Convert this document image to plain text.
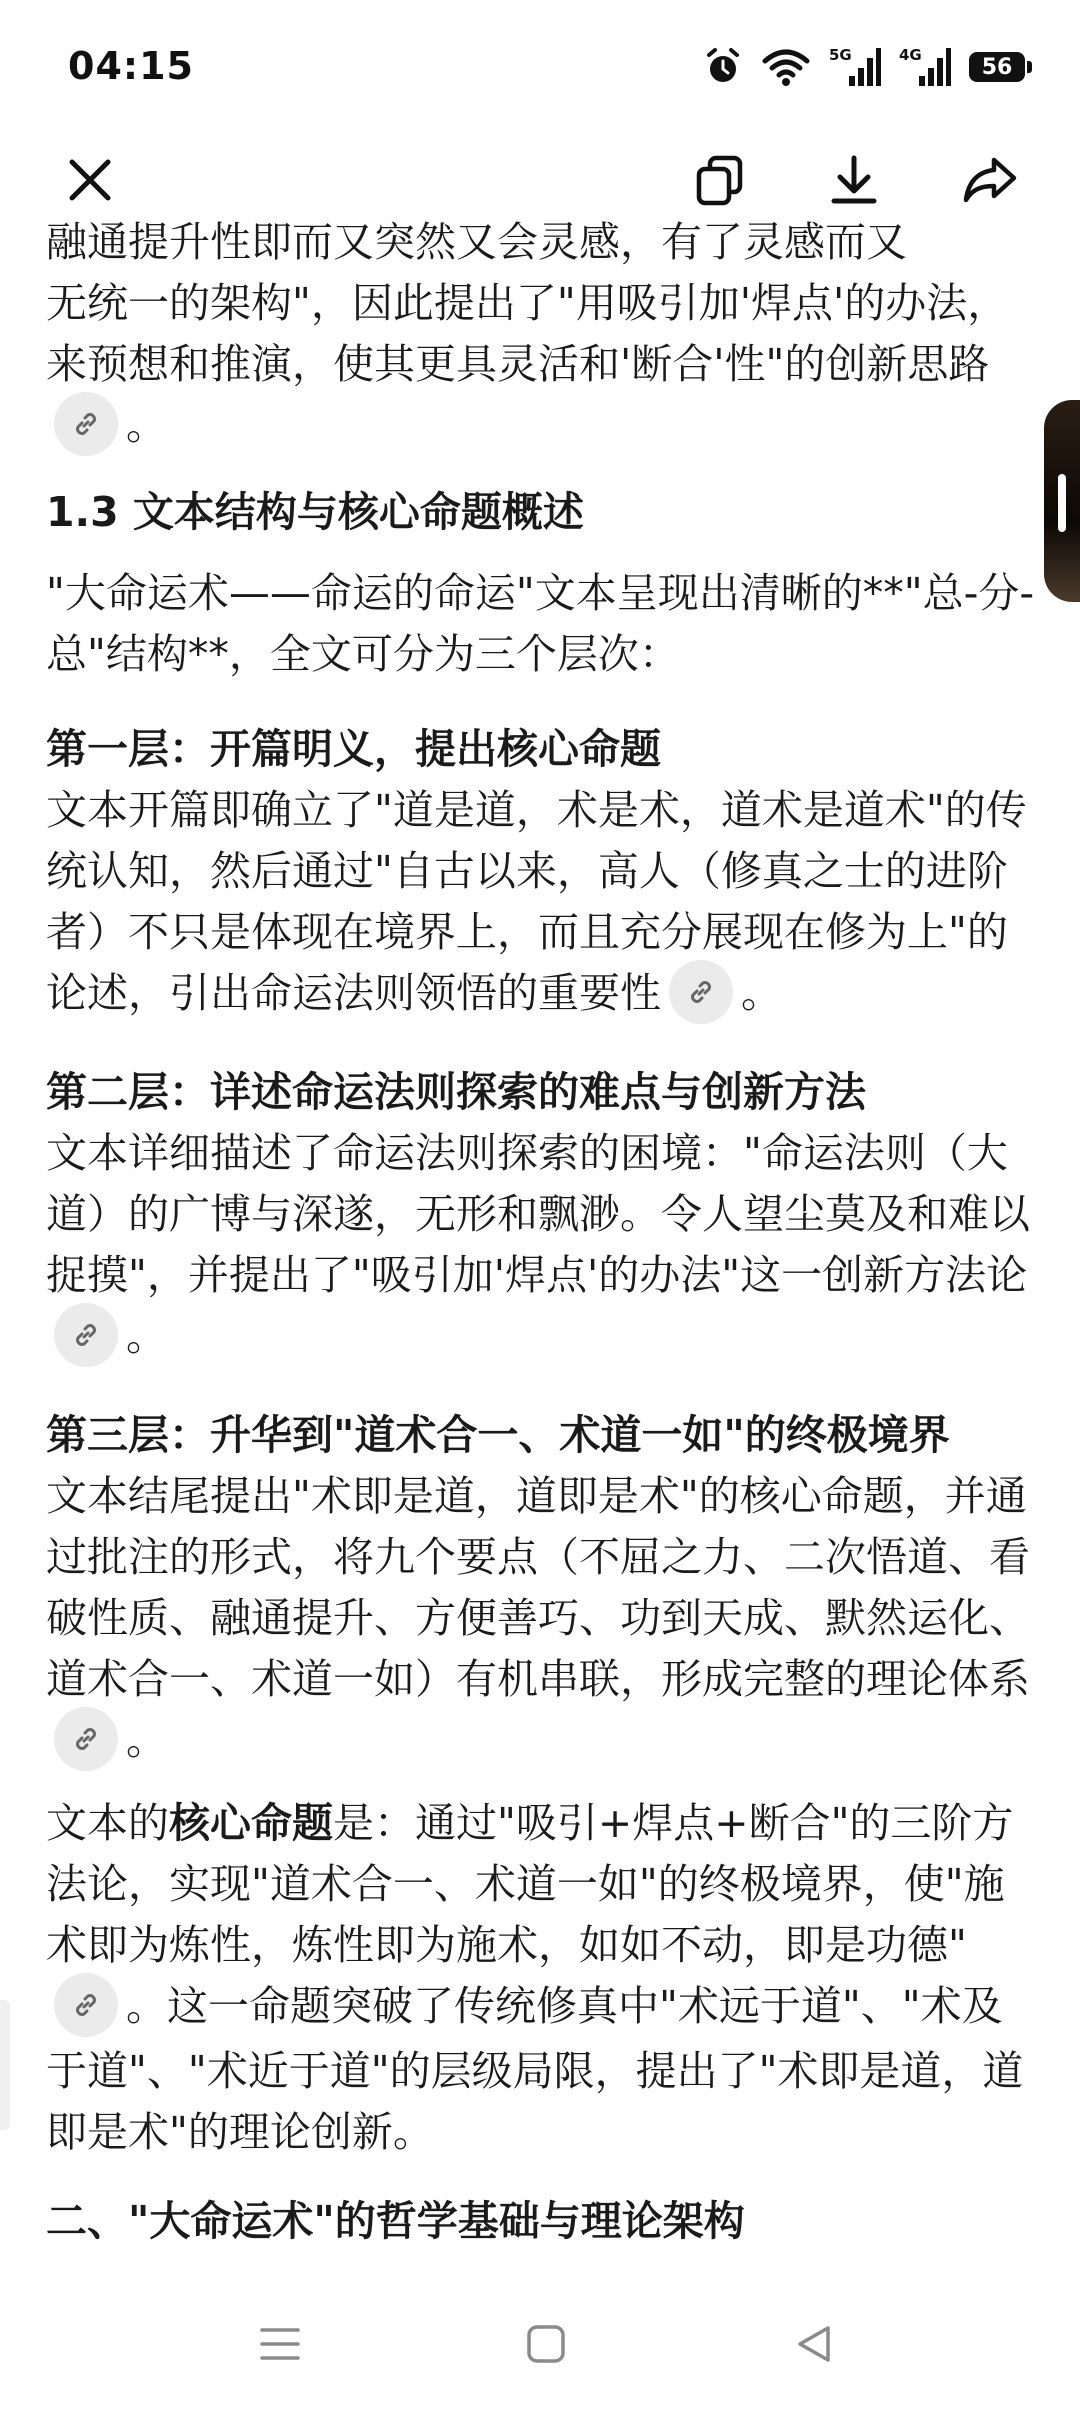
04:15	5G	4G	56

融通提升性即而又突然又会灵感，有了灵感而又

无统一的架构"，因此提出了"用吸引加'焊点'的办法，来预想和推演，使其更具灵活和'断合'性"的创新思路
。

1.3 文本结构与核心命题概述

"大命运术——命运的命运"文本呈现出清晰的**"总-分-总"结构**，全文可分为三个层次：

第一层：开篇明义，提出核心命题

文本开篇即确立了"道是道，术是术，道术是道术"的传统认知，然后通过"自古以来，高人（修真之士的进阶者）不只是体现在境界上，而且充分展现在修为上"的论述，引出命运法则领悟的重要性 。

第二层：详述命运法则探索的难点与创新方法

文本详细描述了命运法则探索的困境："命运法则（大道）的广博与深遂，无形和飘渺。令人望尘莫及和难以捉摸"，并提出了"吸引加'焊点'的办法"这一创新方法论
。

第三层：升华到"道术合一、术道一如"的终极境界

文本结尾提出"术即是道，道即是术"的核心命题，并通过批注的形式，将九个要点（不屈之力、二次悟道、看破性质、融通提升、方便善巧、功到天成、默然运化、道术合一、术道一如）有机串联，形成完整的理论体系
。

文本的核心命题是：通过"吸引+焊点+断合"的三阶方法论，实现"道术合一、术道一如"的终极境界，使"施术即为炼性，炼性即为施术，如如不动，即是功德"
。这一命题突破了传统修真中"术远于道"、"术及于道"、"术近于道"的层级局限，提出了"术即是道，道即是术"的理论创新。

二、"大命运术"的哲学基础与理论架构
